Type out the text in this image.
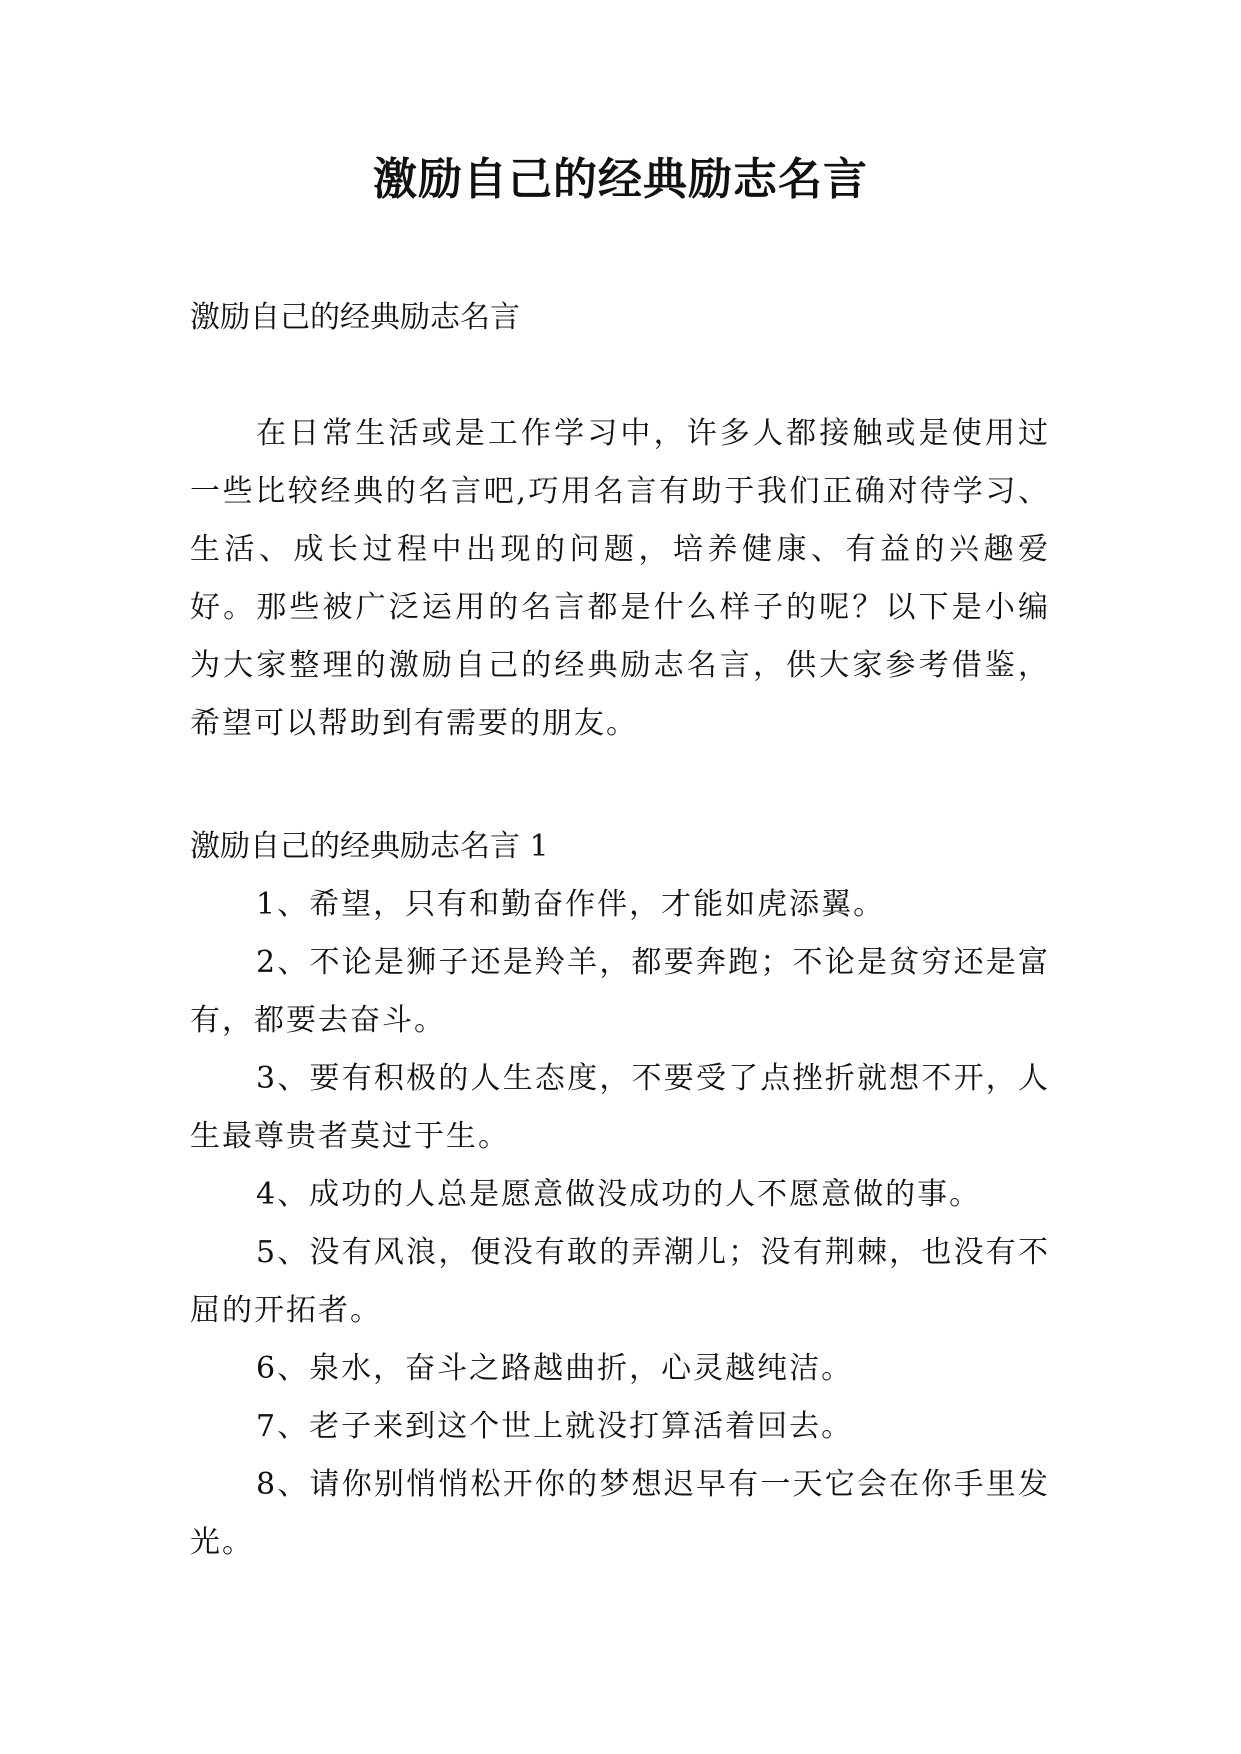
激励自己的经典励志名言

激励自己的经典励志名言

在日常生活或是工作学习中，许多人都接触或是使用过一些比较经典的名言吧,巧用名言有助于我们正确对待学习、生活、成长过程中出现的问题，培养健康、有益的兴趣爱好。那些被广泛运用的名言都是什么样子的呢？以下是小编为大家整理的激励自己的经典励志名言，供大家参考借鉴，希望可以帮助到有需要的朋友。

激励自己的经典励志名言 1

1、希望，只有和勤奋作伴，才能如虎添翼。
2、不论是狮子还是羚羊，都要奔跑；不论是贫穷还是富有，都要去奋斗。
3、要有积极的人生态度，不要受了点挫折就想不开，人生最尊贵者莫过于生。
4、成功的人总是愿意做没成功的人不愿意做的事。
5、没有风浪，便没有敢的弄潮儿；没有荆棘，也没有不屈的开拓者。
6、泉水，奋斗之路越曲折，心灵越纯洁。
7、老子来到这个世上就没打算活着回去。
8、请你别悄悄松开你的梦想迟早有一天它会在你手里发光。
